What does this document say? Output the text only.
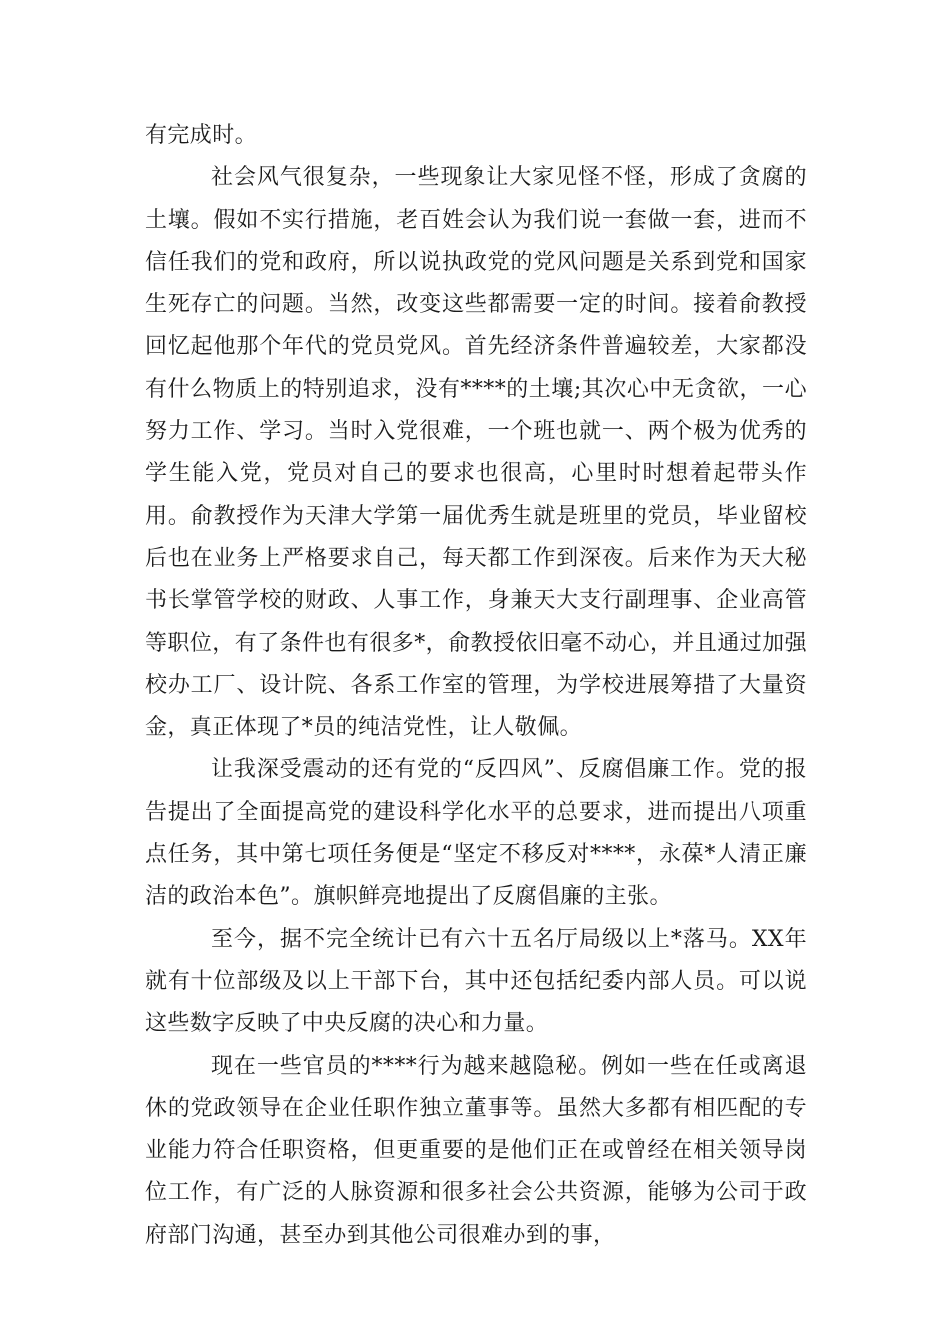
有完成时。

社会风气很复杂，一些现象让大家见怪不怪，形成了贪腐的土壤。假如不实行措施，老百姓会认为我们说一套做一套，进而不信任我们的党和政府，所以说执政党的党风问题是关系到党和国家生死存亡的问题。当然，改变这些都需要一定的时间。接着俞教授回忆起他那个年代的党员党风。首先经济条件普遍较差，大家都没有什么物质上的特别追求，没有****的土壤;其次心中无贪欲，一心努力工作、学习。当时入党很难，一个班也就一、两个极为优秀的学生能入党，党员对自己的要求也很高，心里时时想着起带头作用。俞教授作为天津大学第一届优秀生就是班里的党员，毕业留校后也在业务上严格要求自己，每天都工作到深夜。后来作为天大秘书长掌管学校的财政、人事工作，身兼天大支行副理事、企业高管等职位，有了条件也有很多*，俞教授依旧毫不动心，并且通过加强校办工厂、设计院、各系工作室的管理，为学校进展筹措了大量资金，真正体现了*员的纯洁党性，让人敬佩。

让我深受震动的还有党的“反四风”、反腐倡廉工作。党的报告提出了全面提高党的建设科学化水平的总要求，进而提出八项重点任务，其中第七项任务便是“坚定不移反对****，永葆*人清正廉洁的政治本色”。旗帜鲜亮地提出了反腐倡廉的主张。

至今，据不完全统计已有六十五名厅局级以上*落马。XX年就有十位部级及以上干部下台，其中还包括纪委内部人员。可以说这些数字反映了中央反腐的决心和力量。

现在一些官员的****行为越来越隐秘。例如一些在任或离退休的党政领导在企业任职作独立董事等。虽然大多都有相匹配的专业能力符合任职资格，但更重要的是他们正在或曾经在相关领导岗位工作，有广泛的人脉资源和很多社会公共资源，能够为公司于政府部门沟通，甚至办到其他公司很难办到的事，
